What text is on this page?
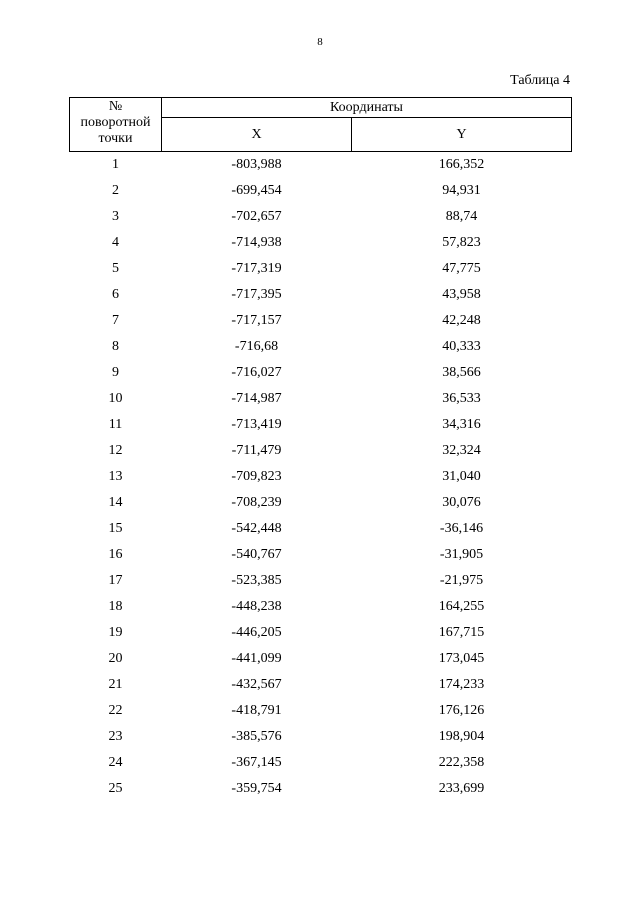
8
Таблица 4
№
поворотной
точки	Координаты	
	X	Y
1	-803,988	166,352
2	-699,454	94,931
3	-702,657	88,74
4	-714,938	57,823
5	-717,319	47,775
6	-717,395	43,958
7	-717,157	42,248
8	-716,68	40,333
9	-716,027	38,566
10	-714,987	36,533
11	-713,419	34,316
12	-711,479	32,324
13	-709,823	31,040
14	-708,239	30,076
15	-542,448	-36,146
16	-540,767	-31,905
17	-523,385	-21,975
18	-448,238	164,255
19	-446,205	167,715
20	-441,099	173,045
21	-432,567	174,233
22	-418,791	176,126
23	-385,576	198,904
24	-367,145	222,358
25	-359,754	233,699
